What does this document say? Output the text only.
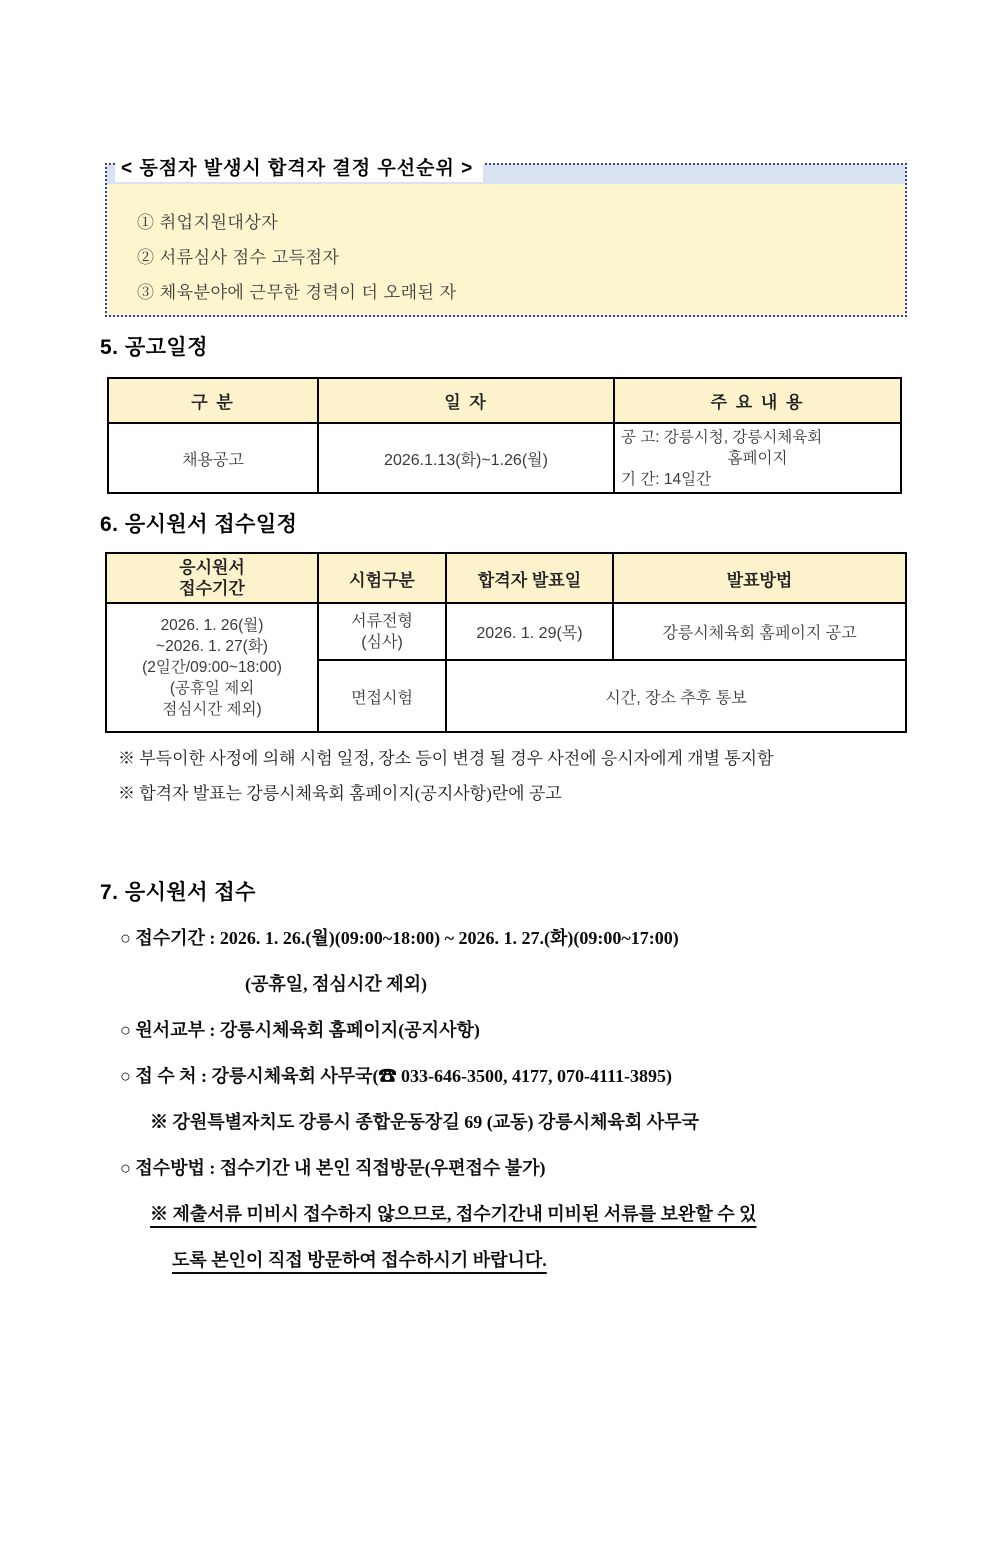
< 동점자 발생시 합격자 결정 우선순위 >
① 취업지원대상자
② 서류심사 점수 고득점자
③ 체육분야에 근무한 경력이 더 오래된 자
5. 공고일정
구 분	일 자	주 요 내 용
채용공고	2026.1.13(화)~1.26(월)	공 고: 강릉시청, 강릉시체육회
홈페이지
기 간: 14일간
6. 응시원서 접수일정
응시원서
접수기간	시험구분	합격자 발표일	발표방법

2026. 1. 26(월)
~2026. 1. 27(화)
(2일간/09:00~18:00)
(공휴일 제외
점심시간 제외)

서류전형
(심사)	2026. 1. 29(목)	강릉시체육회 홈페이지 공고
	면접시험	시간, 장소 추후 통보	
※ 부득이한 사정에 의해 시험 일정, 장소 등이 변경 될 경우 사전에 응시자에게 개별 통지함
※ 합격자 발표는 강릉시체육회 홈페이지(공지사항)란에 공고
7. 응시원서 접수
○ 접수기간 : 2026. 1. 26.(월)(09:00~18:00) ~ 2026. 1. 27.(화)(09:00~17:00)
(공휴일, 점심시간 제외)
○ 원서교부 : 강릉시체육회 홈페이지(공지사항)
○ 접 수 처 : 강릉시체육회 사무국(☎ 033-646-3500, 4177, 070-4111-3895)
※ 강원특별자치도 강릉시 종합운동장길 69 (교동) 강릉시체육회 사무국
○ 접수방법 : 접수기간 내 본인 직접방문(우편접수 불가)
※ 제출서류 미비시 접수하지 않으므로, 접수기간내 미비된 서류를 보완할 수 있
도록 본인이 직접 방문하여 접수하시기 바랍니다.
